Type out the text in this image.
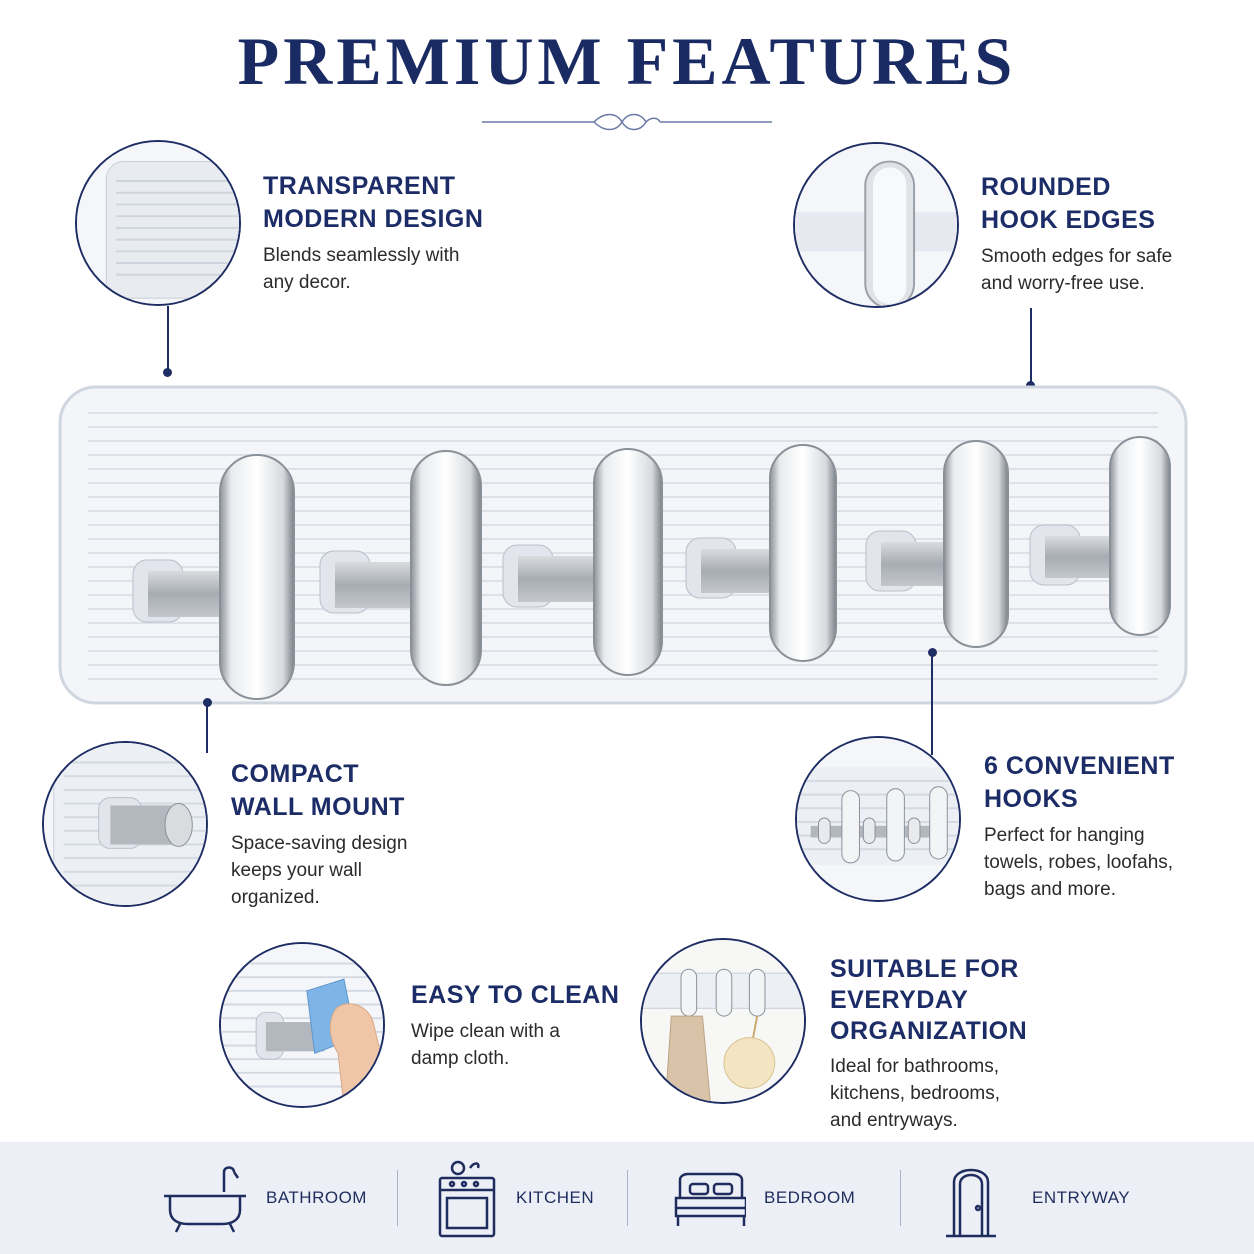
PREMIUM FEATURES
TRANSPARENT
MODERN DESIGN
Blends seamlessly with
any decor.
ROUNDED
HOOK EDGES
Smooth edges for safe
and worry-free use.
COMPACT
WALL MOUNT
Space-saving design
keeps your wall
organized.
6 CONVENIENT
HOOKS
Perfect for hanging
towels, robes, loofahs,
bags and more.
EASY TO CLEAN
Wipe clean with a
damp cloth.
SUITABLE FOR
EVERYDAY
ORGANIZATION
Ideal for bathrooms,
kitchens, bedrooms,
and entryways.
BATHROOM	KITCHEN	BEDROOM	ENTRYWAY
